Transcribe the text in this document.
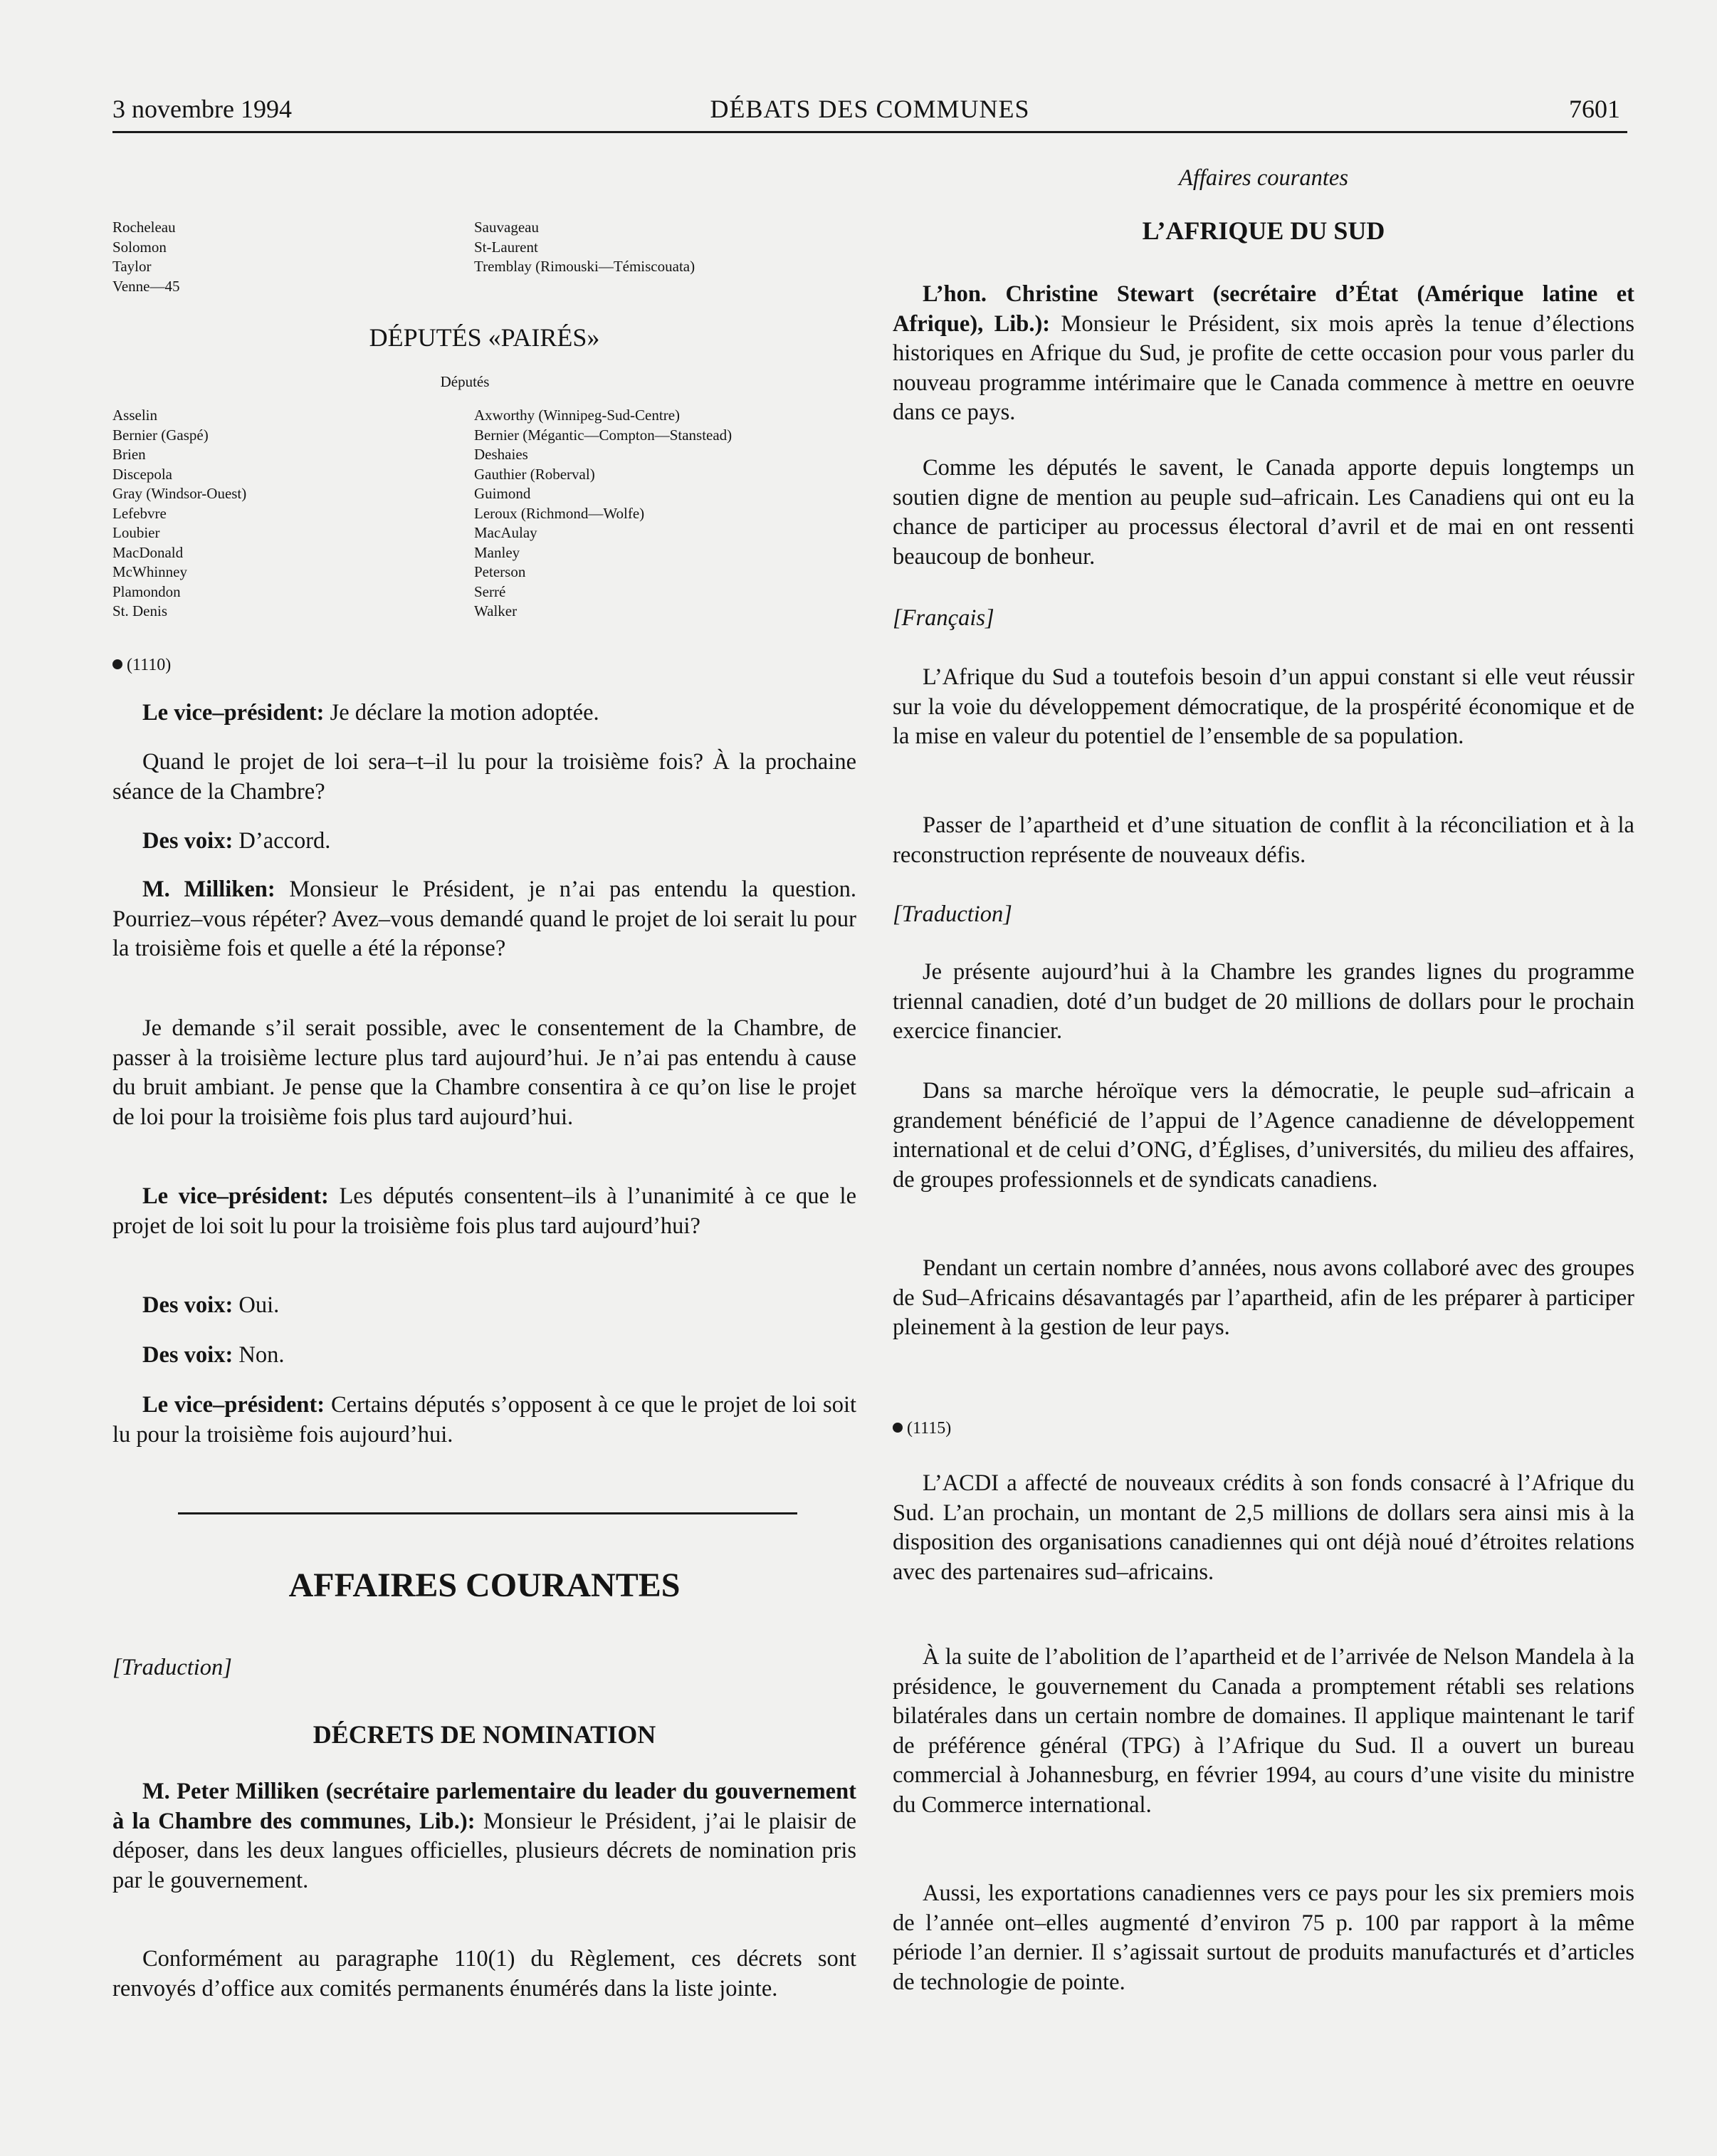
3 novembre 1994	DÉBATS DES COMMUNES	7601
Rocheleau
Solomon
Taylor
Venne—45
Sauvageau
St-Laurent
Tremblay (Rimouski—Témiscouata)
DÉPUTÉS «PAIRÉS»
Députés
Asselin
Bernier (Gaspé)
Brien
Discepola
Gray (Windsor-Ouest)
Lefebvre
Loubier
MacDonald
McWhinney
Plamondon
St. Denis
Axworthy (Winnipeg-Sud-Centre)
Bernier (Mégantic—Compton—Stanstead)
Deshaies
Gauthier (Roberval)
Guimond
Leroux (Richmond—Wolfe)
MacAulay
Manley
Peterson
Serré
Walker
(1110)

Le vice–président: Je déclare la motion adoptée.

Quand le projet de loi sera–t–il lu pour la troisième fois? À la prochaine séance de la Chambre?

Des voix: D’accord.

M. Milliken: Monsieur le Président, je n’ai pas entendu la question. Pourriez–vous répéter? Avez–vous demandé quand le projet de loi serait lu pour la troisième fois et quelle a été la réponse?

Je demande s’il serait possible, avec le consentement de la Chambre, de passer à la troisième lecture plus tard aujourd’hui. Je n’ai pas entendu à cause du bruit ambiant. Je pense que la Chambre consentira à ce qu’on lise le projet de loi pour la troisième fois plus tard aujourd’hui.

Le vice–président: Les députés consentent–ils à l’unanimité à ce que le projet de loi soit lu pour la troisième fois plus tard aujourd’hui?

Des voix: Oui.

Des voix: Non.

Le vice–président: Certains députés s’opposent à ce que le projet de loi soit lu pour la troisième fois aujourd’hui.

AFFAIRES COURANTES
[Traduction]
DÉCRETS DE NOMINATION

M. Peter Milliken (secrétaire parlementaire du leader du gouvernement à la Chambre des communes, Lib.): Monsieur le Président, j’ai le plaisir de déposer, dans les deux langues officielles, plusieurs décrets de nomination pris par le gouvernement.

Conformément au paragraphe 110(1) du Règlement, ces décrets sont renvoyés d’office aux comités permanents énumérés dans la liste jointe.

Affaires courantes
L’AFRIQUE DU SUD

L’hon. Christine Stewart (secrétaire d’État (Amérique latine et Afrique), Lib.): Monsieur le Président, six mois après la tenue d’élections historiques en Afrique du Sud, je profite de cette occasion pour vous parler du nouveau programme intérimaire que le Canada commence à mettre en oeuvre dans ce pays.

Comme les députés le savent, le Canada apporte depuis longtemps un soutien digne de mention au peuple sud–africain. Les Canadiens qui ont eu la chance de participer au processus électoral d’avril et de mai en ont ressenti beaucoup de bonheur.

[Français]

L’Afrique du Sud a toutefois besoin d’un appui constant si elle veut réussir sur la voie du développement démocratique, de la prospérité économique et de la mise en valeur du potentiel de l’ensemble de sa population.

Passer de l’apartheid et d’une situation de conflit à la réconciliation et à la reconstruction représente de nouveaux défis.

[Traduction]

Je présente aujourd’hui à la Chambre les grandes lignes du programme triennal canadien, doté d’un budget de 20 millions de dollars pour le prochain exercice financier.

Dans sa marche héroïque vers la démocratie, le peuple sud–africain a grandement bénéficié de l’appui de l’Agence canadienne de développement international et de celui d’ONG, d’Églises, d’universités, du milieu des affaires, de groupes professionnels et de syndicats canadiens.

Pendant un certain nombre d’années, nous avons collaboré avec des groupes de Sud–Africains désavantagés par l’apartheid, afin de les préparer à participer pleinement à la gestion de leur pays.

(1115)

L’ACDI a affecté de nouveaux crédits à son fonds consacré à l’Afrique du Sud. L’an prochain, un montant de 2,5 millions de dollars sera ainsi mis à la disposition des organisations canadiennes qui ont déjà noué d’étroites relations avec des partenaires sud–africains.

À la suite de l’abolition de l’apartheid et de l’arrivée de Nelson Mandela à la présidence, le gouvernement du Canada a promptement rétabli ses relations bilatérales dans un certain nombre de domaines. Il applique maintenant le tarif de préférence général (TPG) à l’Afrique du Sud. Il a ouvert un bureau commercial à Johannesburg, en février 1994, au cours d’une visite du ministre du Commerce international.

Aussi, les exportations canadiennes vers ce pays pour les six premiers mois de l’année ont–elles augmenté d’environ 75 p. 100 par rapport à la même période l’an dernier. Il s’agissait surtout de produits manufacturés et d’articles de technologie de pointe.
